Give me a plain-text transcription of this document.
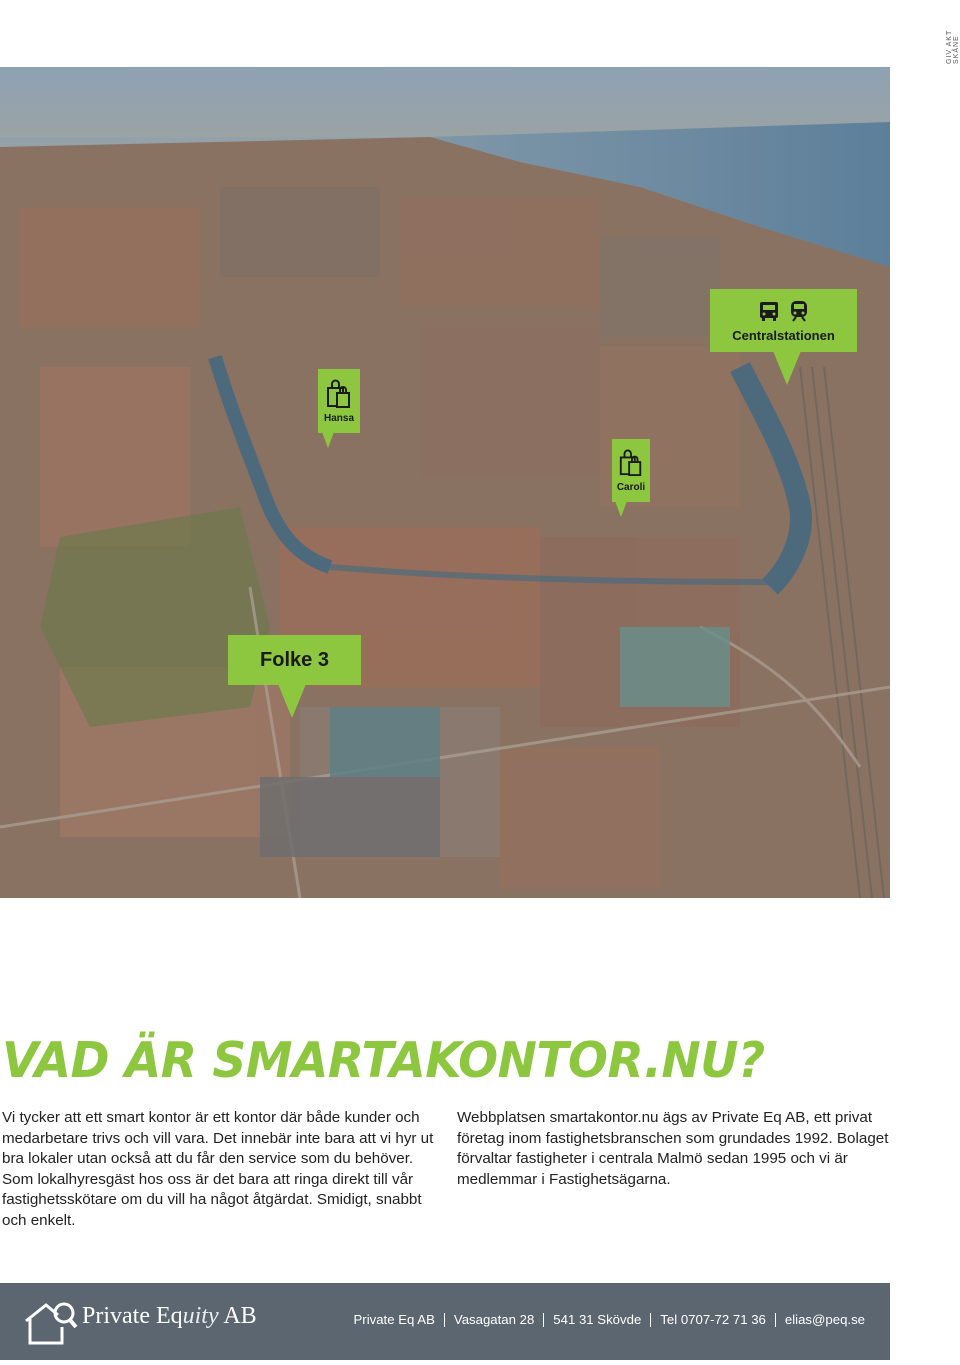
GIV AKT SKÅNE
Centralstationen
Hansa
Caroli
Folke 3
VAD ÄR SMARTAKONTOR.NU?

Vi tycker att ett smart kontor är ett kontor där både kunder och medarbetare trivs och vill vara. Det innebär inte bara att vi hyr ut bra lokaler utan också att du får den service som du behöver. Som lokalhyresgäst hos oss är det bara att ringa direkt till vår fastighetsskötare om du vill ha något åtgärdat. Smidigt, snabbt och enkelt.

Webbplatsen smartakontor.nu ägs av Private Eq AB, ett privat företag inom fastighetsbranschen som grundades 1992. Bolaget förvaltar fastigheter i centrala Malmö sedan 1995 och vi är medlemmar i Fastighetsägarna.

Private Equity AB	Private Eq AB Vasagatan 28 541 31 Skövde Tel 0707-72 71 36 elias@peq.se
